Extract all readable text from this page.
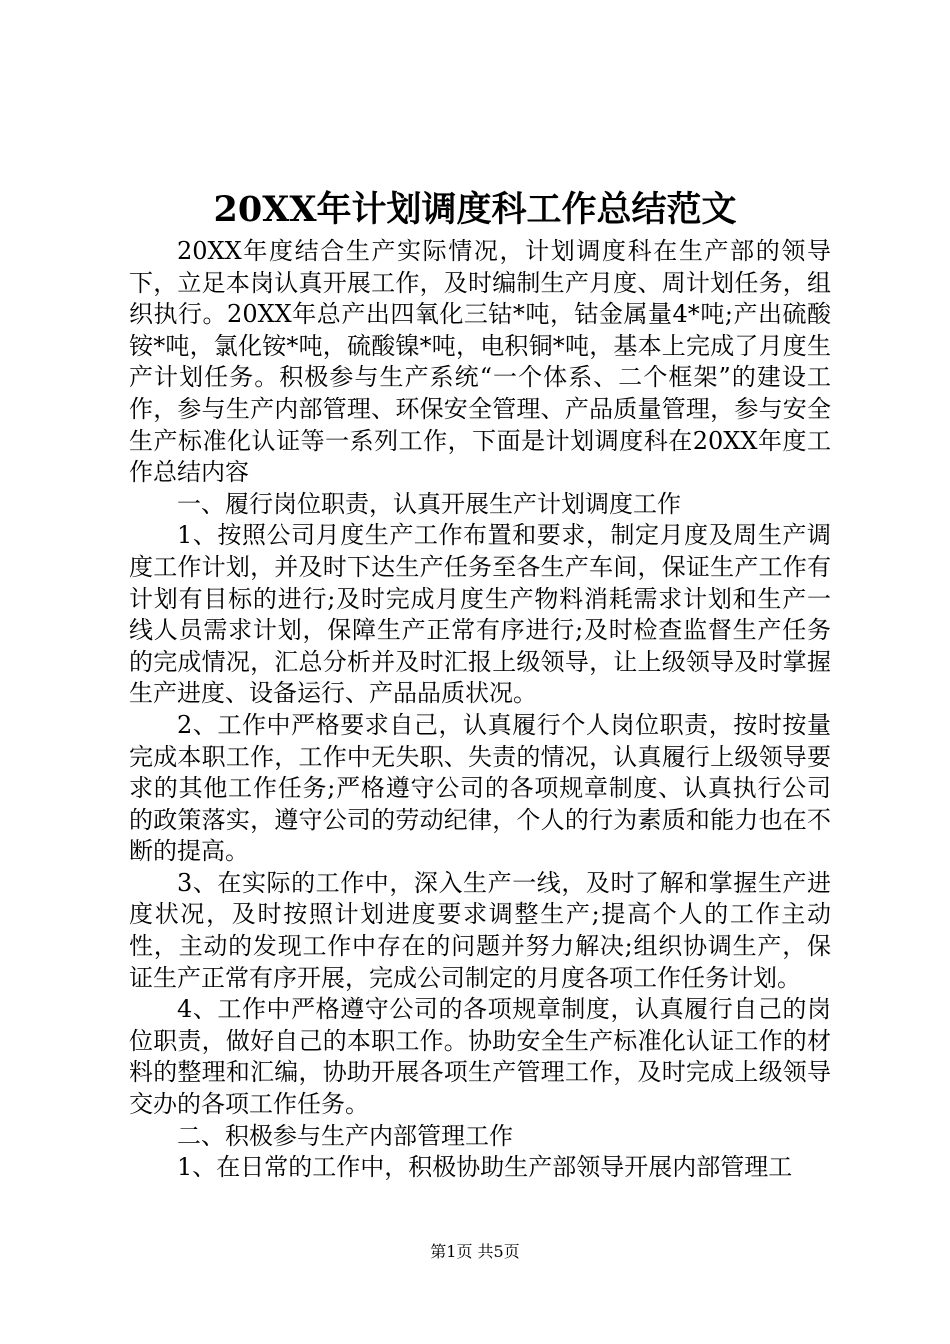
20XX年计划调度科工作总结范文

20XX年度结合生产实际情况，计划调度科在生产部的领导下，立足本岗认真开展工作，及时编制生产月度、周计划任务，组织执行。20XX年总产出四氧化三钴*吨，钴金属量4*吨;产出硫酸铵*吨，氯化铵*吨，硫酸镍*吨，电积铜*吨，基本上完成了月度生产计划任务。积极参与生产系统“一个体系、二个框架”的建设工作，参与生产内部管理、环保安全管理、产品质量管理，参与安全生产标准化认证等一系列工作，下面是计划调度科在20XX年度工作总结内容

一、履行岗位职责，认真开展生产计划调度工作

1、按照公司月度生产工作布置和要求，制定月度及周生产调度工作计划，并及时下达生产任务至各生产车间，保证生产工作有计划有目标的进行;及时完成月度生产物料消耗需求计划和生产一线人员需求计划，保障生产正常有序进行;及时检查监督生产任务的完成情况，汇总分析并及时汇报上级领导，让上级领导及时掌握生产进度、设备运行、产品品质状况。

2、工作中严格要求自己，认真履行个人岗位职责，按时按量完成本职工作，工作中无失职、失责的情况，认真履行上级领导要求的其他工作任务;严格遵守公司的各项规章制度、认真执行公司的政策落实，遵守公司的劳动纪律，个人的行为素质和能力也在不断的提高。

3、在实际的工作中，深入生产一线，及时了解和掌握生产进度状况，及时按照计划进度要求调整生产;提高个人的工作主动性，主动的发现工作中存在的问题并努力解决;组织协调生产，保证生产正常有序开展，完成公司制定的月度各项工作任务计划。

4、工作中严格遵守公司的各项规章制度，认真履行自己的岗位职责，做好自己的本职工作。协助安全生产标准化认证工作的材料的整理和汇编，协助开展各项生产管理工作，及时完成上级领导交办的各项工作任务。

二、积极参与生产内部管理工作

1、在日常的工作中，积极协助生产部领导开展内部管理工

第1页 共5页
